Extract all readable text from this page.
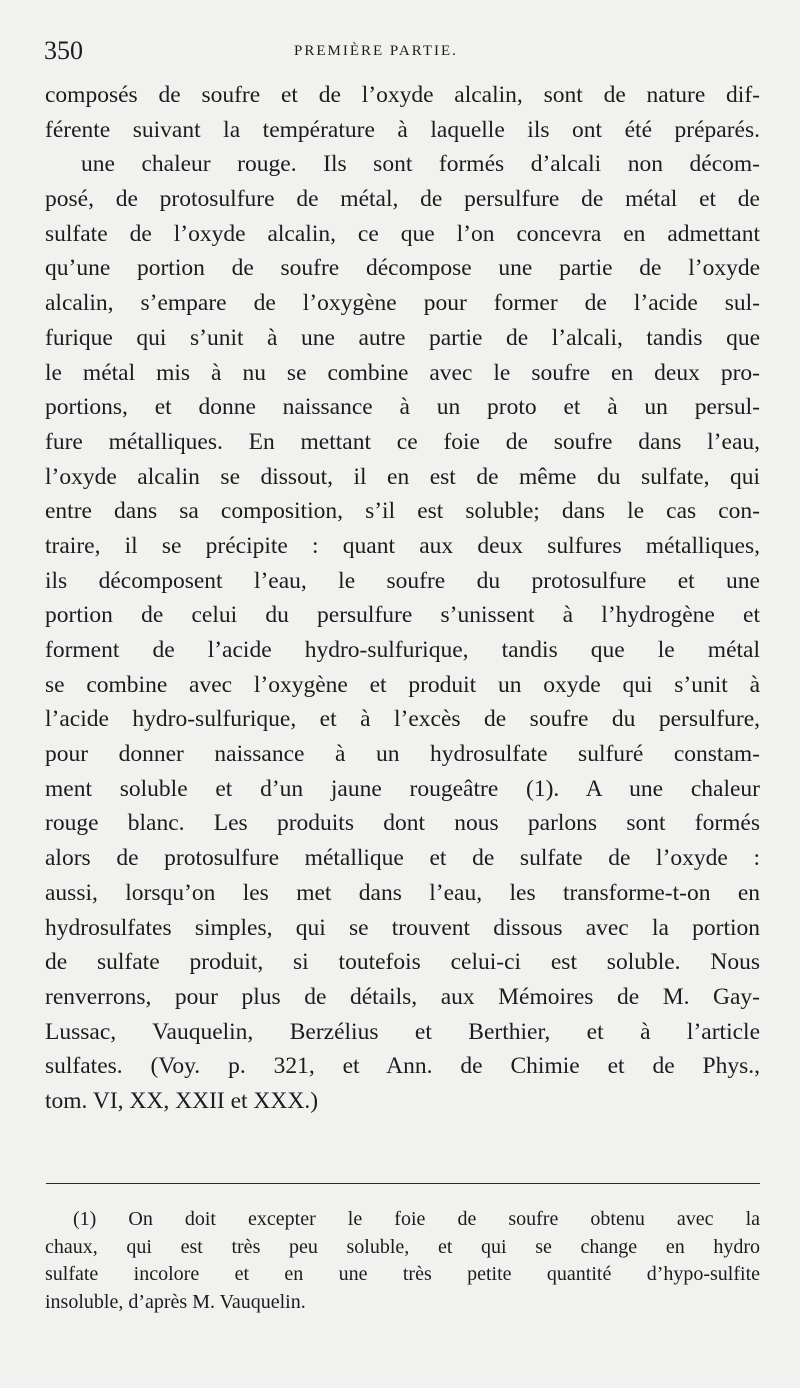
350	PREMIÈRE PARTIE.
composés de soufre et de l’oxyde alcalin, sont de nature dif-
férente suivant la température à laquelle ils ont été préparés.
une chaleur rouge. Ils sont formés d’alcali non décom-
posé, de protosulfure de métal, de persulfure de métal et de
sulfate de l’oxyde alcalin, ce que l’on concevra en admettant
qu’une portion de soufre décompose une partie de l’oxyde
alcalin, s’empare de l’oxygène pour former de l’acide sul-
furique qui s’unit à une autre partie de l’alcali, tandis que
le métal mis à nu se combine avec le soufre en deux pro-
portions, et donne naissance à un proto et à un persul-
fure métalliques. En mettant ce foie de soufre dans l’eau,
l’oxyde alcalin se dissout, il en est de même du sulfate, qui
entre dans sa composition, s’il est soluble; dans le cas con-
traire, il se précipite : quant aux deux sulfures métalliques,
ils décomposent l’eau, le soufre du protosulfure et une
portion de celui du persulfure s’unissent à l’hydrogène et
forment de l’acide hydro-sulfurique, tandis que le métal
se combine avec l’oxygène et produit un oxyde qui s’unit à
l’acide hydro-sulfurique, et à l’excès de soufre du persulfure,
pour donner naissance à un hydrosulfate sulfuré constam-
ment soluble et d’un jaune rougeâtre (1). A une chaleur
rouge blanc. Les produits dont nous parlons sont formés
alors de protosulfure métallique et de sulfate de l’oxyde :
aussi, lorsqu’on les met dans l’eau, les transforme-t-on en
hydrosulfates simples, qui se trouvent dissous avec la portion
de sulfate produit, si toutefois celui-ci est soluble. Nous
renverrons, pour plus de détails, aux Mémoires de M. Gay-
Lussac, Vauquelin, Berzélius et Berthier, et à l’article
sulfates. (Voy. p. 321, et Ann. de Chimie et de Phys.,
tom. VI, XX, XXII et XXX.)
(1) On doit excepter le foie de soufre obtenu avec la
chaux, qui est très peu soluble, et qui se change en hydro
sulfate incolore et en une très petite quantité d’hypo-sulfite
insoluble, d’après M. Vauquelin.
